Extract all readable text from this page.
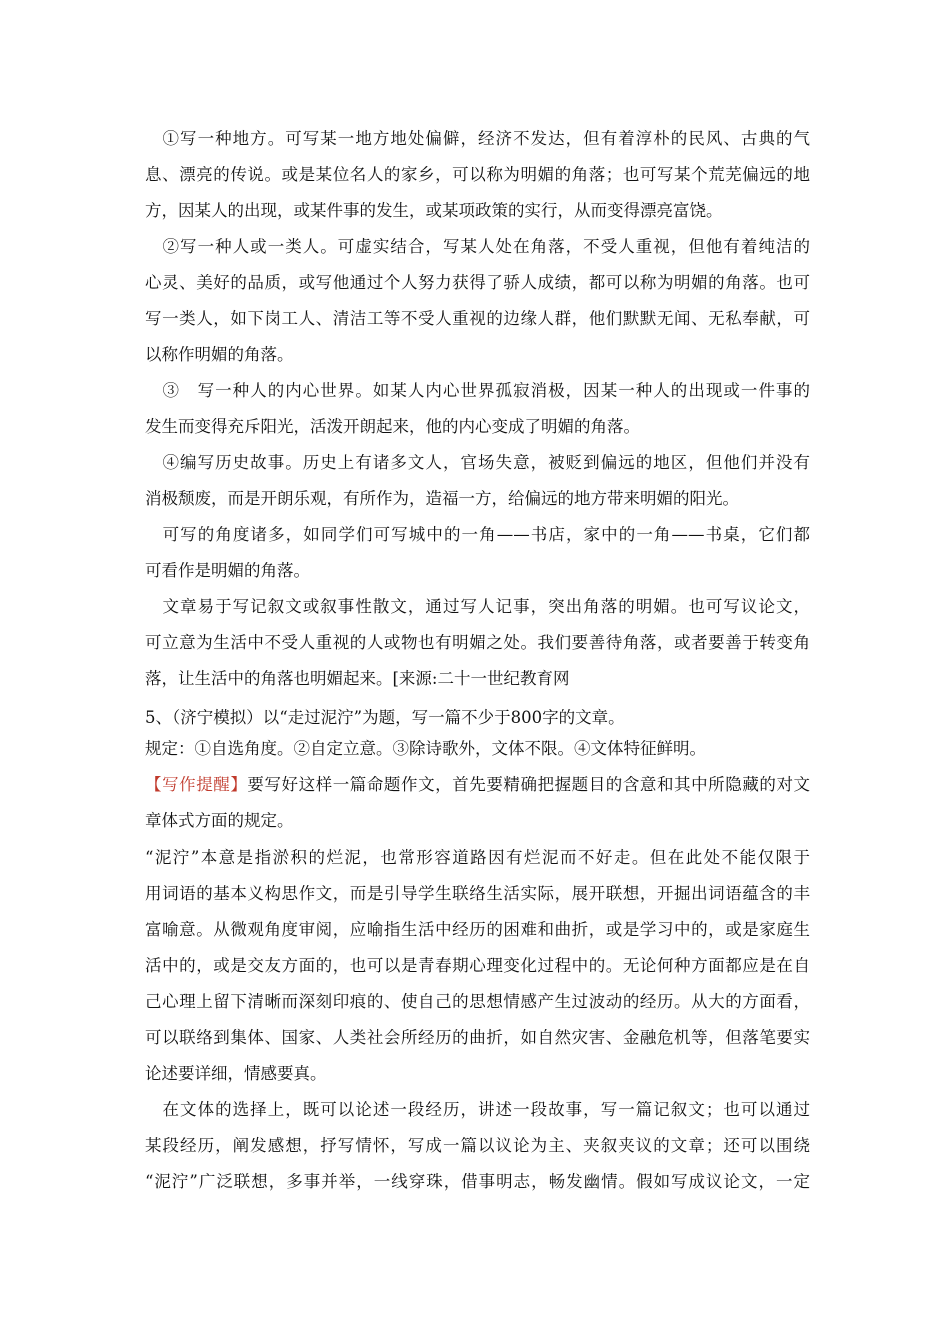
　①写一种地方。可写某一地方地处偏僻，经济不发达，但有着淳朴的民风、古典的气
息、漂亮的传说。或是某位名人的家乡，可以称为明媚的角落；也可写某个荒芜偏远的地
方，因某人的出现，或某件事的发生，或某项政策的实行，从而变得漂亮富饶。
　②写一种人或一类人。可虚实结合，写某人处在角落，不受人重视，但他有着纯洁的
心灵、美好的品质，或写他通过个人努力获得了骄人成绩，都可以称为明媚的角落。也可
写一类人，如下岗工人、清洁工等不受人重视的边缘人群，他们默默无闻、无私奉献，可
以称作明媚的角落。
　③　写一种人的内心世界。如某人内心世界孤寂消极，因某一种人的出现或一件事的
发生而变得充斥阳光，活泼开朗起来，他的内心变成了明媚的角落。
　④编写历史故事。历史上有诸多文人，官场失意，被贬到偏远的地区，但他们并没有
消极颓废，而是开朗乐观，有所作为，造福一方，给偏远的地方带来明媚的阳光。
　可写的角度诸多，如同学们可写城中的一角——书店，家中的一角——书桌，它们都
可看作是明媚的角落。
　文章易于写记叙文或叙事性散文，通过写人记事，突出角落的明媚。也可写议论文，
可立意为生活中不受人重视的人或物也有明媚之处。我们要善待角落，或者要善于转变角
落，让生活中的角落也明媚起来。[来源:二十一世纪教育网
5、（济宁模拟）以“走过泥泞”为题，写一篇不少于800字的文章。
规定：①自选角度。②自定立意。③除诗歌外，文体不限。④文体特征鲜明。
【写作提醒】要写好这样一篇命题作文，首先要精确把握题目的含意和其中所隐藏的对文
章体式方面的规定。
“泥泞”本意是指淤积的烂泥，也常形容道路因有烂泥而不好走。但在此处不能仅限于
用词语的基本义构思作文，而是引导学生联络生活实际，展开联想，开掘出词语蕴含的丰
富喻意。从微观角度审阅，应喻指生活中经历的困难和曲折，或是学习中的，或是家庭生
活中的，或是交友方面的，也可以是青春期心理变化过程中的。无论何种方面都应是在自
己心理上留下清晰而深刻印痕的、使自己的思想情感产生过波动的经历。从大的方面看，
可以联络到集体、国家、人类社会所经历的曲折，如自然灾害、金融危机等，但落笔要实
论述要详细，情感要真。
　在文体的选择上，既可以论述一段经历，讲述一段故事，写一篇记叙文；也可以通过
某段经历，阐发感想，抒写情怀，写成一篇以议论为主、夹叙夹议的文章；还可以围绕
“泥泞”广泛联想，多事并举，一线穿珠，借事明志，畅发幽情。假如写成议论文，一定
